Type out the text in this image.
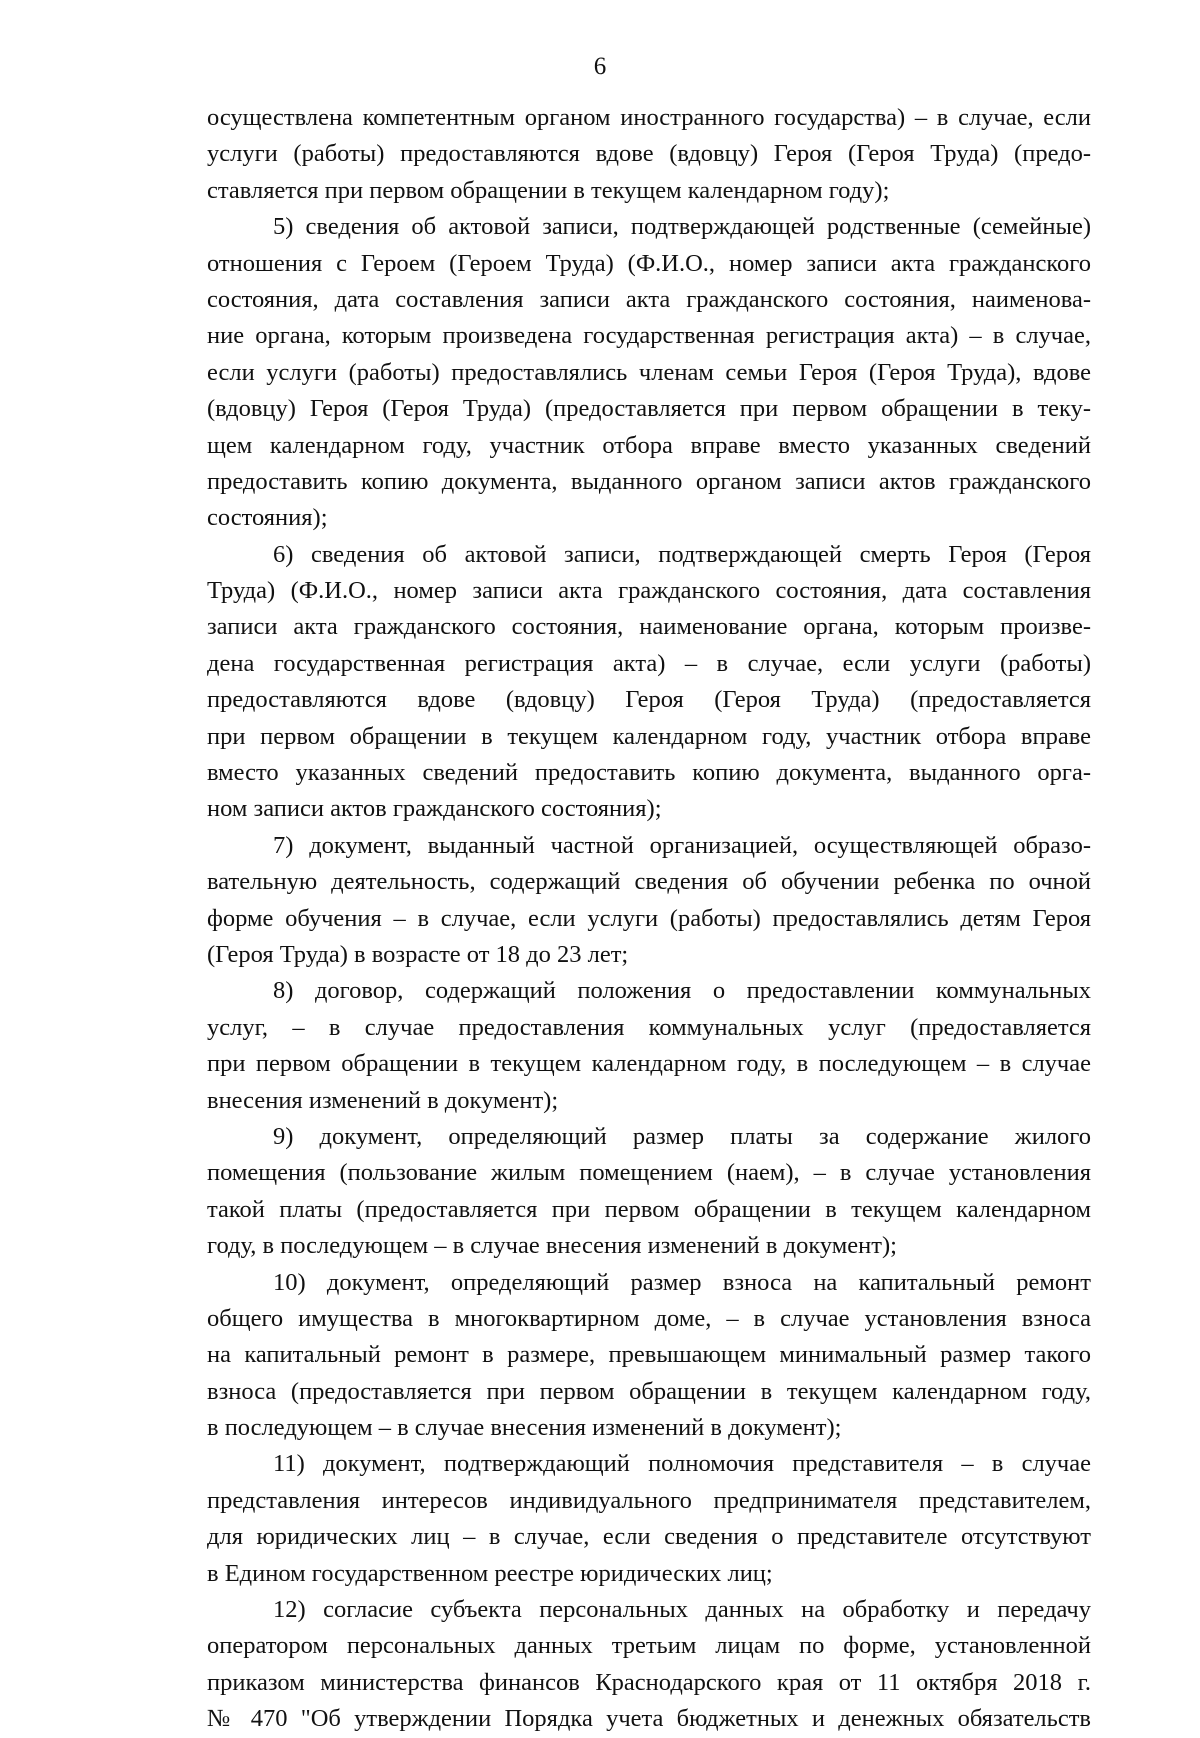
6
осуществлена компетентным органом иностранного государства) – в случае, если
услуги (работы) предоставляются вдове (вдовцу) Героя (Героя Труда) (предо-
ставляется при первом обращении в текущем календарном году);
5) сведения об актовой записи, подтверждающей родственные (семейные)
отношения с Героем (Героем Труда) (Ф.И.О., номер записи акта гражданского
состояния, дата составления записи акта гражданского состояния, наименова-
ние органа, которым произведена государственная регистрация акта) – в случае,
если услуги (работы) предоставлялись членам семьи Героя (Героя Труда), вдове
(вдовцу) Героя (Героя Труда) (предоставляется при первом обращении в теку-
щем календарном году, участник отбора вправе вместо указанных сведений
предоставить копию документа, выданного органом записи актов гражданского
состояния);
6) сведения об актовой записи, подтверждающей смерть Героя (Героя
Труда) (Ф.И.О., номер записи акта гражданского состояния, дата составления
записи акта гражданского состояния, наименование органа, которым произве-
дена государственная регистрация акта) – в случае, если услуги (работы)
предоставляются вдове (вдовцу) Героя (Героя Труда) (предоставляется
при первом обращении в текущем календарном году, участник отбора вправе
вместо указанных сведений предоставить копию документа, выданного орга-
ном записи актов гражданского состояния);
7) документ, выданный частной организацией, осуществляющей образо-
вательную деятельность, содержащий сведения об обучении ребенка по очной
форме обучения – в случае, если услуги (работы) предоставлялись детям Героя
(Героя Труда) в возрасте от 18 до 23 лет;
8) договор, содержащий положения о предоставлении коммунальных
услуг, – в случае предоставления коммунальных услуг (предоставляется
при первом обращении в текущем календарном году, в последующем – в случае
внесения изменений в документ);
9) документ, определяющий размер платы за содержание жилого
помещения (пользование жилым помещением (наем), – в случае установления
такой платы (предоставляется при первом обращении в текущем календарном
году, в последующем – в случае внесения изменений в документ);
10) документ, определяющий размер взноса на капитальный ремонт
общего имущества в многоквартирном доме, – в случае установления взноса
на капитальный ремонт в размере, превышающем минимальный размер такого
взноса (предоставляется при первом обращении в текущем календарном году,
в последующем – в случае внесения изменений в документ);
11) документ, подтверждающий полномочия представителя – в случае
представления интересов индивидуального предпринимателя представителем,
для юридических лиц – в случае, если сведения о представителе отсутствуют
в Едином государственном реестре юридических лиц;
12) согласие субъекта персональных данных на обработку и передачу
оператором персональных данных третьим лицам по форме, установленной
приказом министерства финансов Краснодарского края от 11 октября 2018 г.
№ 470 "Об утверждении Порядка учета бюджетных и денежных обязательств
